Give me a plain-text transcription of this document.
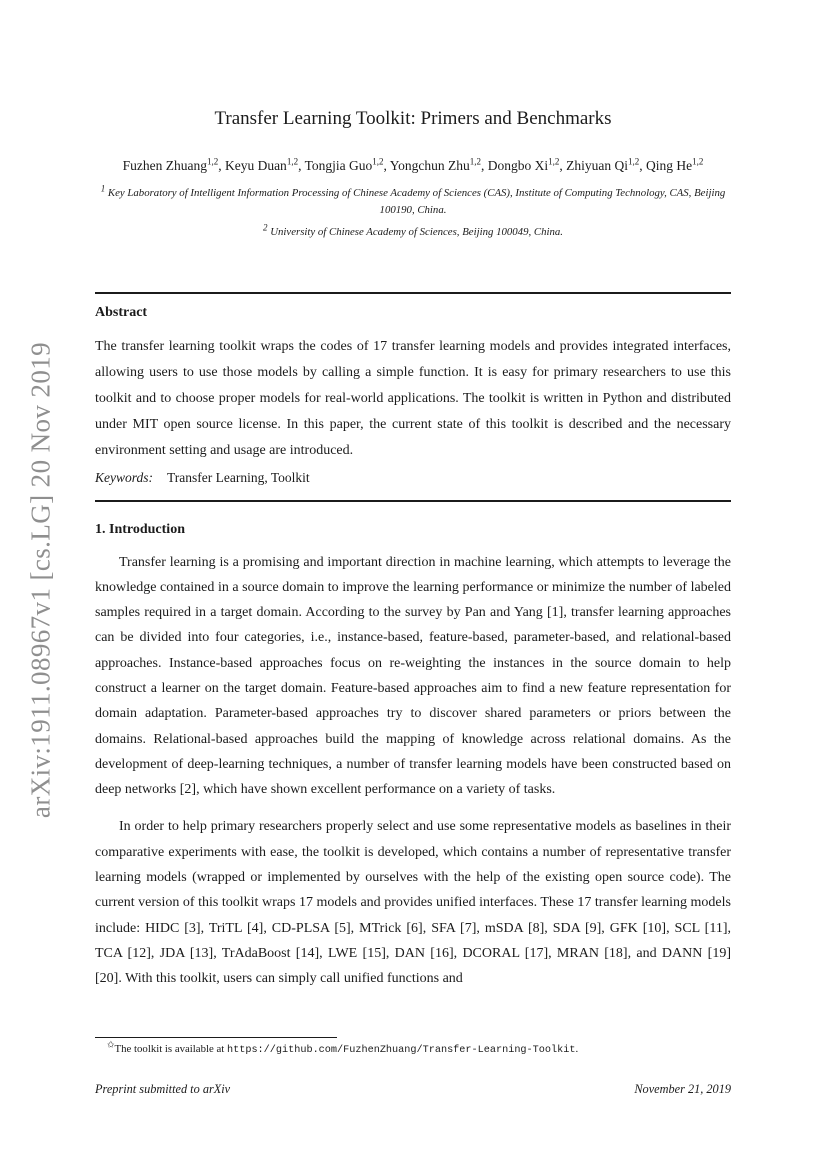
arXiv:1911.08967v1 [cs.LG] 20 Nov 2019
Transfer Learning Toolkit: Primers and Benchmarks
Fuzhen Zhuang$^{1,2}$, Keyu Duan$^{1,2}$, Tongjia Guo$^{1,2}$, Yongchun Zhu$^{1,2}$, Dongbo Xi$^{1,2}$, Zhiyuan Qi$^{1,2}$, Qing He$^{1,2}$
$^1$ Key Laboratory of Intelligent Information Processing of Chinese Academy of Sciences (CAS), Institute of Computing Technology, CAS, Beijing 100190, China.
$^2$ University of Chinese Academy of Sciences, Beijing 100049, China.
Abstract
The transfer learning toolkit wraps the codes of 17 transfer learning models and provides integrated interfaces, allowing users to use those models by calling a simple function. It is easy for primary researchers to use this toolkit and to choose proper models for real-world applications. The toolkit is written in Python and distributed under MIT open source license. In this paper, the current state of this toolkit is described and the necessary environment setting and usage are introduced.
Keywords: Transfer Learning, Toolkit
1. Introduction

Transfer learning is a promising and important direction in machine learning, which attempts to leverage the knowledge contained in a source domain to improve the learning performance or minimize the number of labeled samples required in a target domain. According to the survey by Pan and Yang [1], transfer learning approaches can be divided into four categories, i.e., instance-based, feature-based, parameter-based, and relational-based approaches. Instance-based approaches focus on re-weighting the instances in the source domain to help construct a learner on the target domain. Feature-based approaches aim to find a new feature representation for domain adaptation. Parameter-based approaches try to discover shared parameters or priors between the domains. Relational-based approaches build the mapping of knowledge across relational domains. As the development of deep-learning techniques, a number of transfer learning models have been constructed based on deep networks [2], which have shown excellent performance on a variety of tasks.

In order to help primary researchers properly select and use some representative models as baselines in their comparative experiments with ease, the toolkit is developed, which contains a number of representative transfer learning models (wrapped or implemented by ourselves with the help of the existing open source code). The current version of this toolkit wraps 17 models and provides unified interfaces. These 17 transfer learning models include: HIDC [3], TriTL [4], CD-PLSA [5], MTrick [6], SFA [7], mSDA [8], SDA [9], GFK [10], SCL [11], TCA [12], JDA [13], TrAdaBoost [14], LWE [15], DAN [16], DCORAL [17], MRAN [18], and DANN [19] [20]. With this toolkit, users can simply call unified functions and

✩The toolkit is available at https://github.com/FuzhenZhuang/Transfer-Learning-Toolkit.
Preprint submitted to arXiv	November 21, 2019
